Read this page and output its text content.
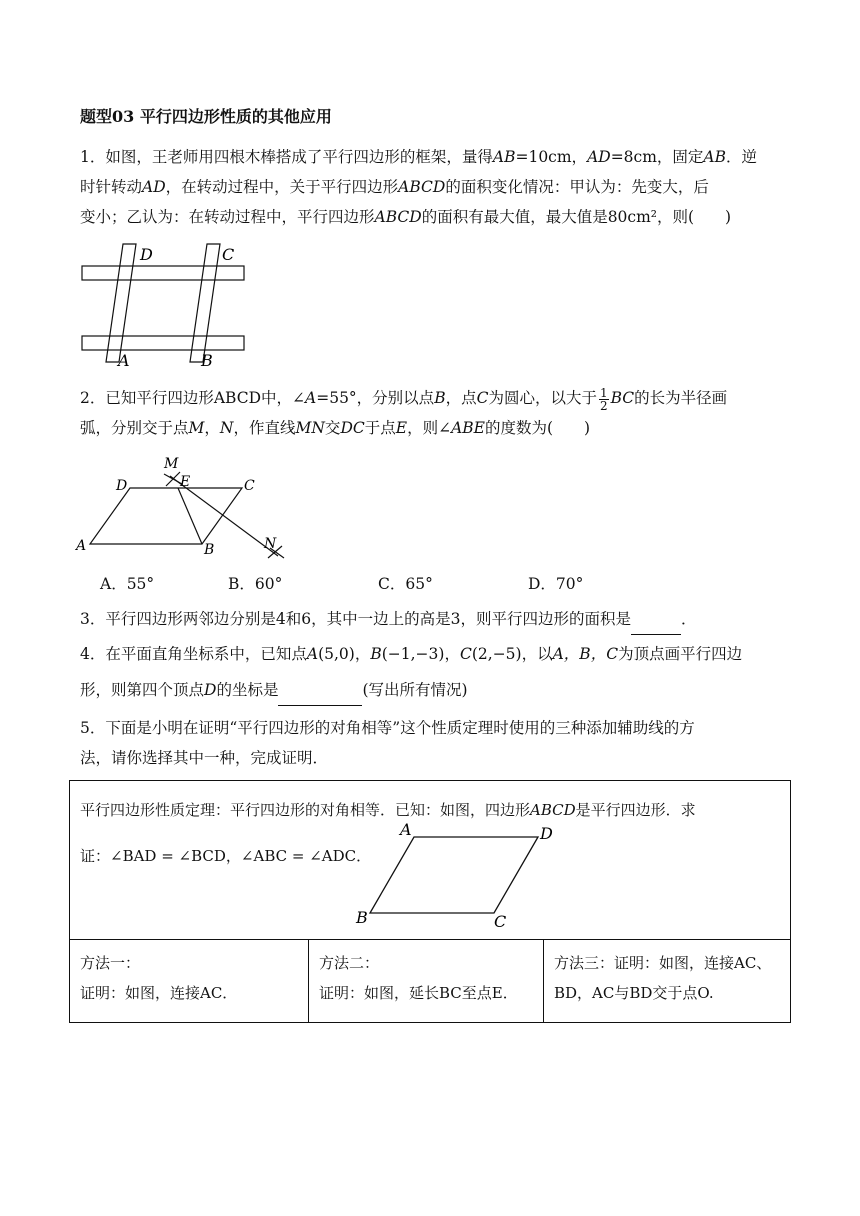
题型03 平行四边形性质的其他应用
1．如图，王老师用四根木棒搭成了平行四边形的框架，量得AB=10cm，AD=8cm，固定AB．逆
时针转动AD，在转动过程中，关于平行四边形ABCD的面积变化情况：甲认为：先变大，后
变小；乙认为：在转动过程中，平行四边形ABCD的面积有最大值，最大值是80cm²，则(　　)
D	C
A	B
2．已知平行四边形ABCD中，∠A=55°，分别以点B，点C为圆心，以大于 $\frac{1}{2}$ BC的长为半径画
弧，分别交于点M，N，作直线MN交DC于点E，则∠ABE的度数为(　　)
M
E
D	C
A	B	N
A．55°	B．60°	C．65°	D．70°
3．平行四边形两邻边分别是4和6，其中一边上的高是3，则平行四边形的面积是	．
4．在平面直角坐标系中，已知点A(5,0)，B(−1,−3)，C(2,−5)，以A，B，C为顶点画平行四边
形，则第四个顶点D的坐标是	(写出所有情况)
5．下面是小明在证明“平行四边形的对角相等”这个性质定理时使用的三种添加辅助线的方
法，请你选择其中一种，完成证明．
平行四边形性质定理：平行四边形的对角相等．已知：如图，四边形ABCD是平行四边形．求
证：∠BAD = ∠BCD，∠ABC = ∠ADC．
A	D
B	C

方法一：
证明：如图，连接AC．

方法二：
证明：如图，延长BC至点E．

方法三：证明：如图，连接AC、
BD，AC与BD交于点O.
